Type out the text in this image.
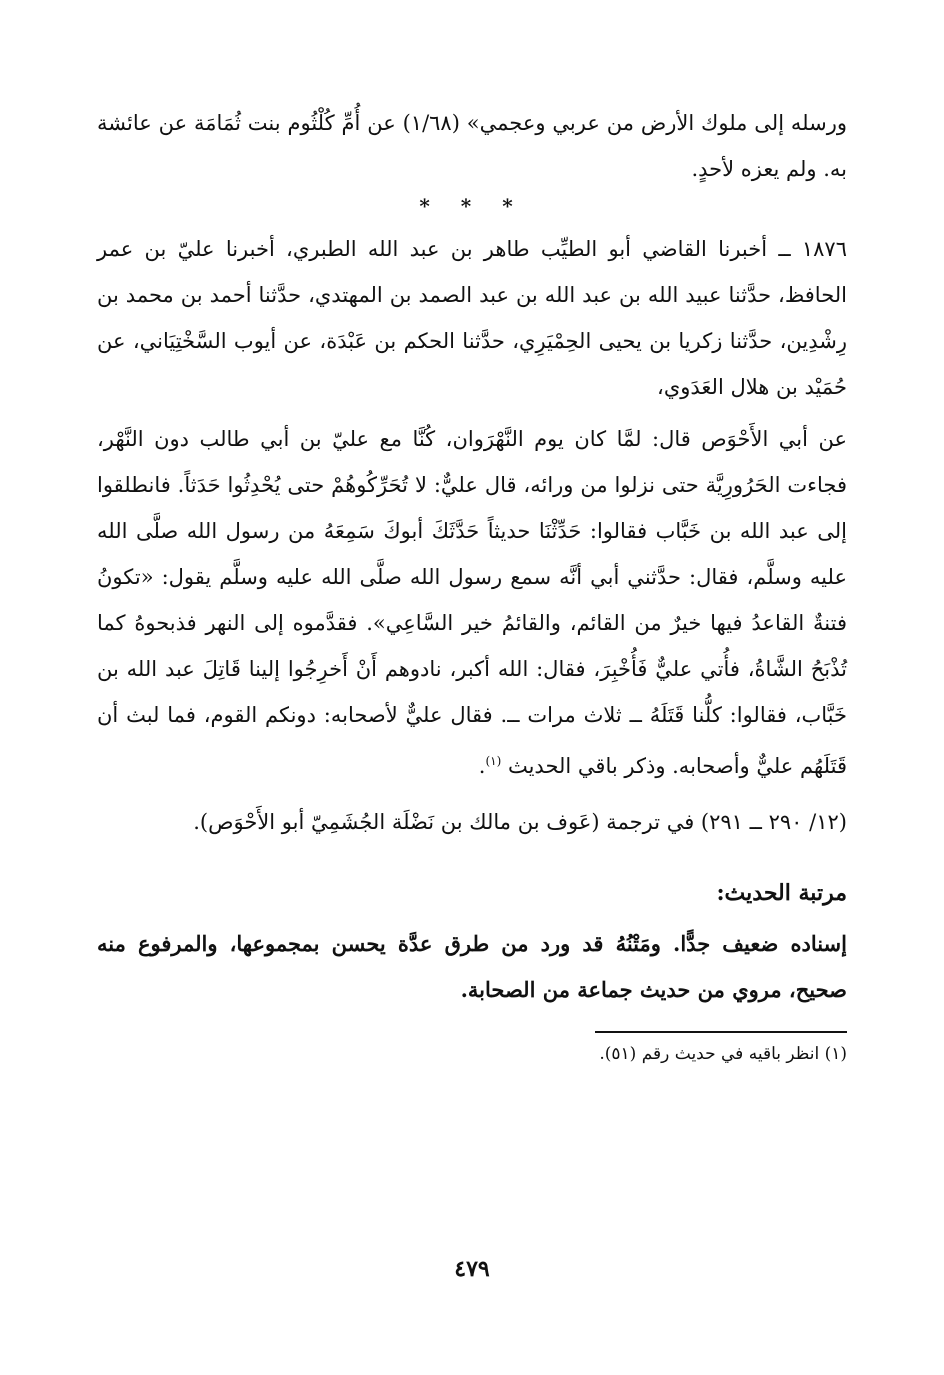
ورسله إلى ملوك الأرض من عربي وعجمي» (١/٦٨) عن أُمِّ كُلْثُوم بنت ثُمَامَة عن عائشة به. ولم يعزه لأحدٍ.

* * *

١٨٧٦ ــ أخبرنا القاضي أبو الطيِّب طاهر بن عبد الله الطبري، أخبرنا عليّ بن عمر الحافظ، حدَّثنا عبيد الله بن عبد الله بن عبد الصمد بن المهتدي، حدَّثنا أحمد بن محمد بن رِشْدِين، حدَّثنا زكريا بن يحيى الحِمْيَرِي، حدَّثنا الحكم بن عَبْدَة، عن أيوب السَّخْتِيَاني، عن حُمَيْد بن هلال العَدَوي،

عن أبي الأَحْوَص قال: لمَّا كان يوم النَّهْرَوان، كُنَّا مع عليّ بن أبي طالب دون النَّهْر، فجاءت الحَرُورِيَّة حتى نزلوا من ورائه، قال عليٌّ: لا تُحَرِّكُوهُمْ حتى يُحْدِثُوا حَدَثاً. فانطلقوا إلى عبد الله بن خَبَّاب فقالوا: حَدِّثْنَا حديثاً حَدَّثَكَ أبوكَ سَمِعَهُ من رسول الله صلَّى الله عليه وسلَّم، فقال: حدَّثني أبي أنَّه سمع رسول الله صلَّى الله عليه وسلَّم يقول: «تكونُ فتنةٌ القاعدُ فيها خيرٌ من القائم، والقائمُ خير السَّاعِي». فقدَّموه إلى النهر فذبحوهُ كما تُذْبَحُ الشَّاةُ، فأُتي عليٌّ فَأُخْبِرَ، فقال: الله أكبر، نادوهم أَنْ أَخرِجُوا إلينا قَاتِلَ عبد الله بن خَبَّاب، فقالوا: كلُّنا قَتَلَهُ ــ ثلاث مرات ــ. فقال عليٌّ لأصحابه: دونكم القوم، فما لبث أن قَتَلَهُم عليٌّ وأصحابه. وذكر باقي الحديث $^{(١)}$.

(١٢/ ٢٩٠ ــ ٢٩١) في ترجمة (عَوف بن مالك بن نَضْلَة الجُشَمِيّ أبو الأَحْوَص).

مرتبة الحديث:

إسناده ضعيف جدًّا. ومَتْنُهُ قد ورد من طرق عدَّة يحسن بمجموعها، والمرفوع منه صحيح، مروي من حديث جماعة من الصحابة.

(١) انظر باقيه في حديث رقم (٥١).
٤٧٩
